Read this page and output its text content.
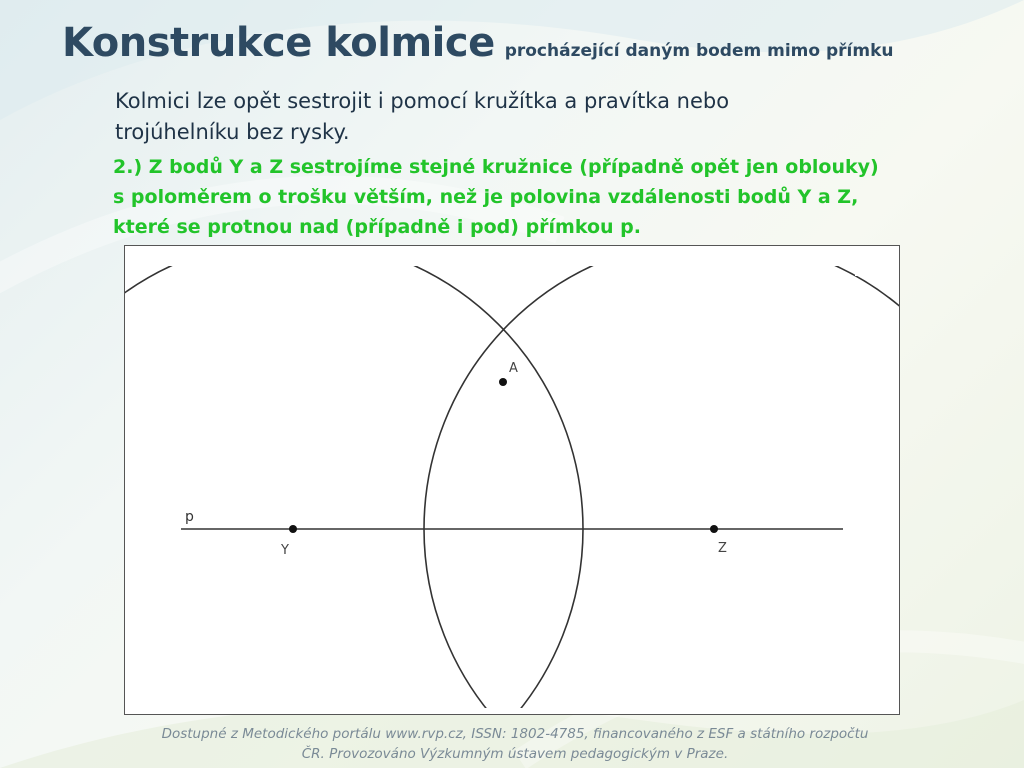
Konstrukce kolmice procházející daným bodem mimo přímku
Kolmici lze opět sestrojit i pomocí kružítka a pravítka nebo
trojúhelníku bez rysky.
2.) Z bodů Y a Z sestrojíme stejné kružnice (případně opět jen oblouky)
s poloměrem o trošku větším, než je polovina vzdálenosti bodů Y a Z,
které se protnou nad (případně i pod) přímkou p.
p
A
Y	Z
Dostupné z Metodického portálu www.rvp.cz, ISSN: 1802-4785, financovaného z ESF a státního rozpočtu
ČR. Provozováno Výzkumným ústavem pedagogickým v Praze.
